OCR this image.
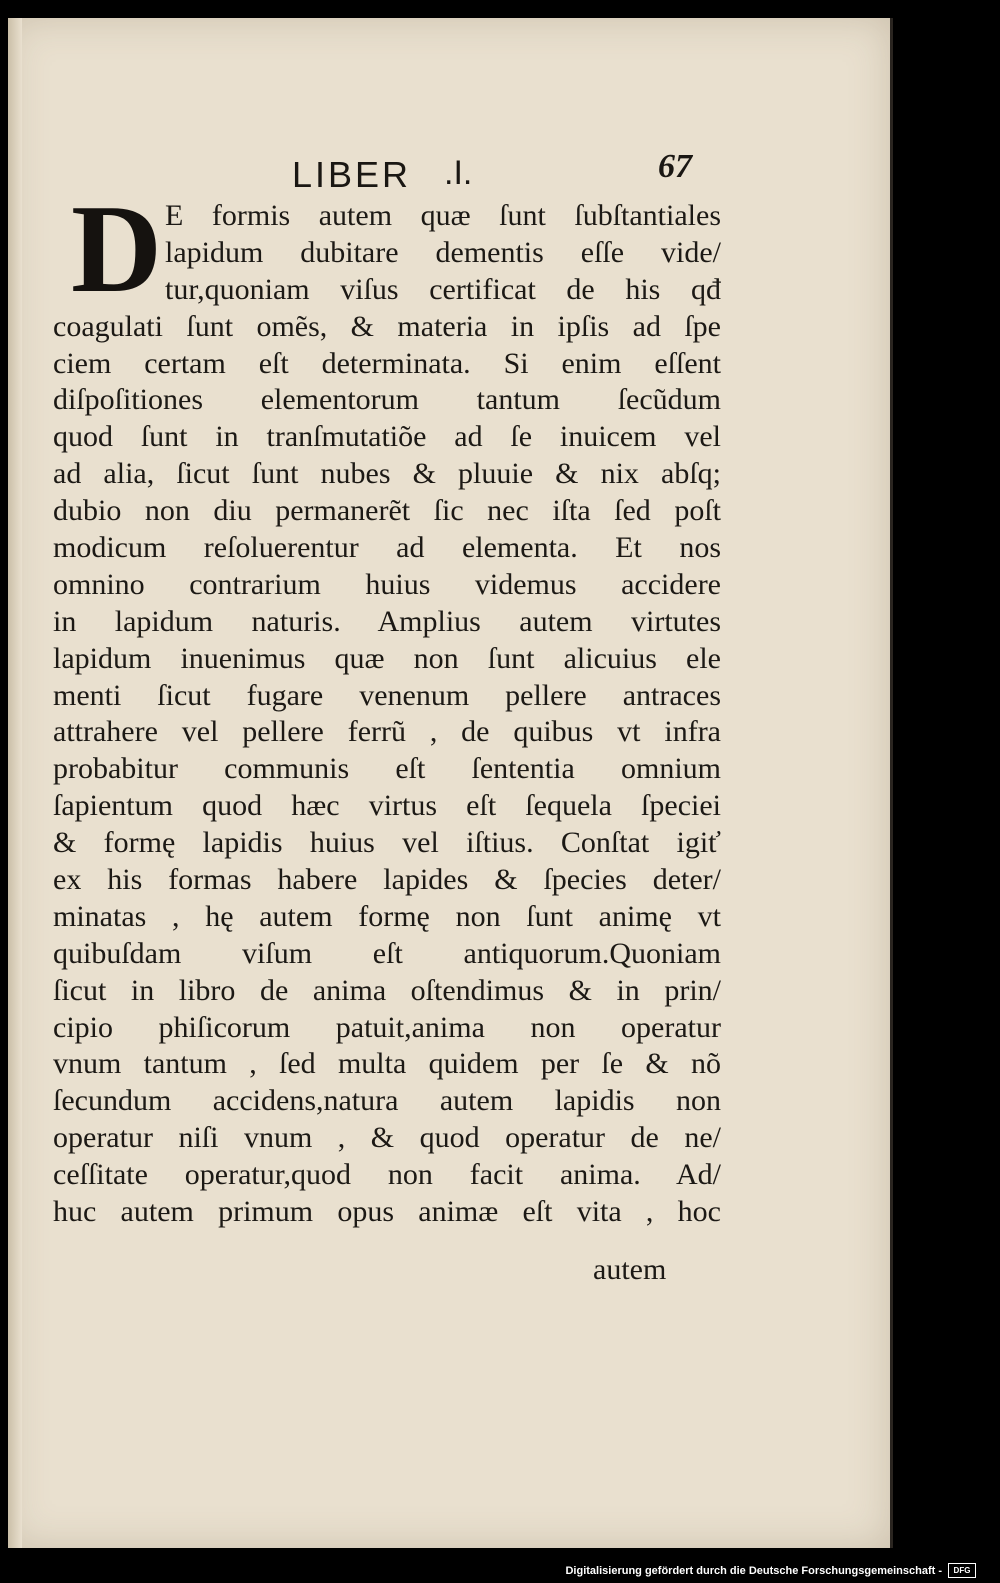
LIBER .I.	67
D E formis autem quæ ſunt ſubſtantiales
lapidum dubitare dementis eſſe vide/
tur,quoniam viſus certificat de his qđ
coagulati ſunt omẽs, & materia in ipſis ad ſpe
ciem certam eſt determinata. Si enim eſſent
diſpoſitiones elementorum tantum ſecũdum
quod ſunt in tranſmutatiõe ad ſe inuicem vel
ad alia, ſicut ſunt nubes & pluuie & nix abſq;
dubio non diu permanerẽt ſic nec iſta ſed poſt
modicum reſoluerentur ad elementa. Et nos
omnino contrarium huius videmus accidere
in lapidum naturis. Amplius autem virtutes
lapidum inuenimus quæ non ſunt alicuius ele
menti ſicut fugare venenum pellere antraces
attrahere vel pellere ferrũ , de quibus vt infra
probabitur communis eſt ſententia omnium
ſapientum quod hæc virtus eſt ſequela ſpeciei
& formę lapidis huius vel iſtius. Conſtat igiť
ex his formas habere lapides & ſpecies deter/
minatas , hę autem formę non ſunt animę vt
quibuſdam viſum eſt antiquorum.Quoniam
ſicut in libro de anima oſtendimus & in prin/
cipio phiſicorum patuit,anima non operatur
vnum tantum , ſed multa quidem per ſe & nõ
ſecundum accidens,natura autem lapidis non
operatur niſi vnum , & quod operatur de ne/
ceſſitate operatur,quod non facit anima. Ad/
huc autem primum opus animæ eſt vita , hoc
autem
Digitalisierung gefördert durch die Deutsche Forschungsgemeinschaft -	DFG
